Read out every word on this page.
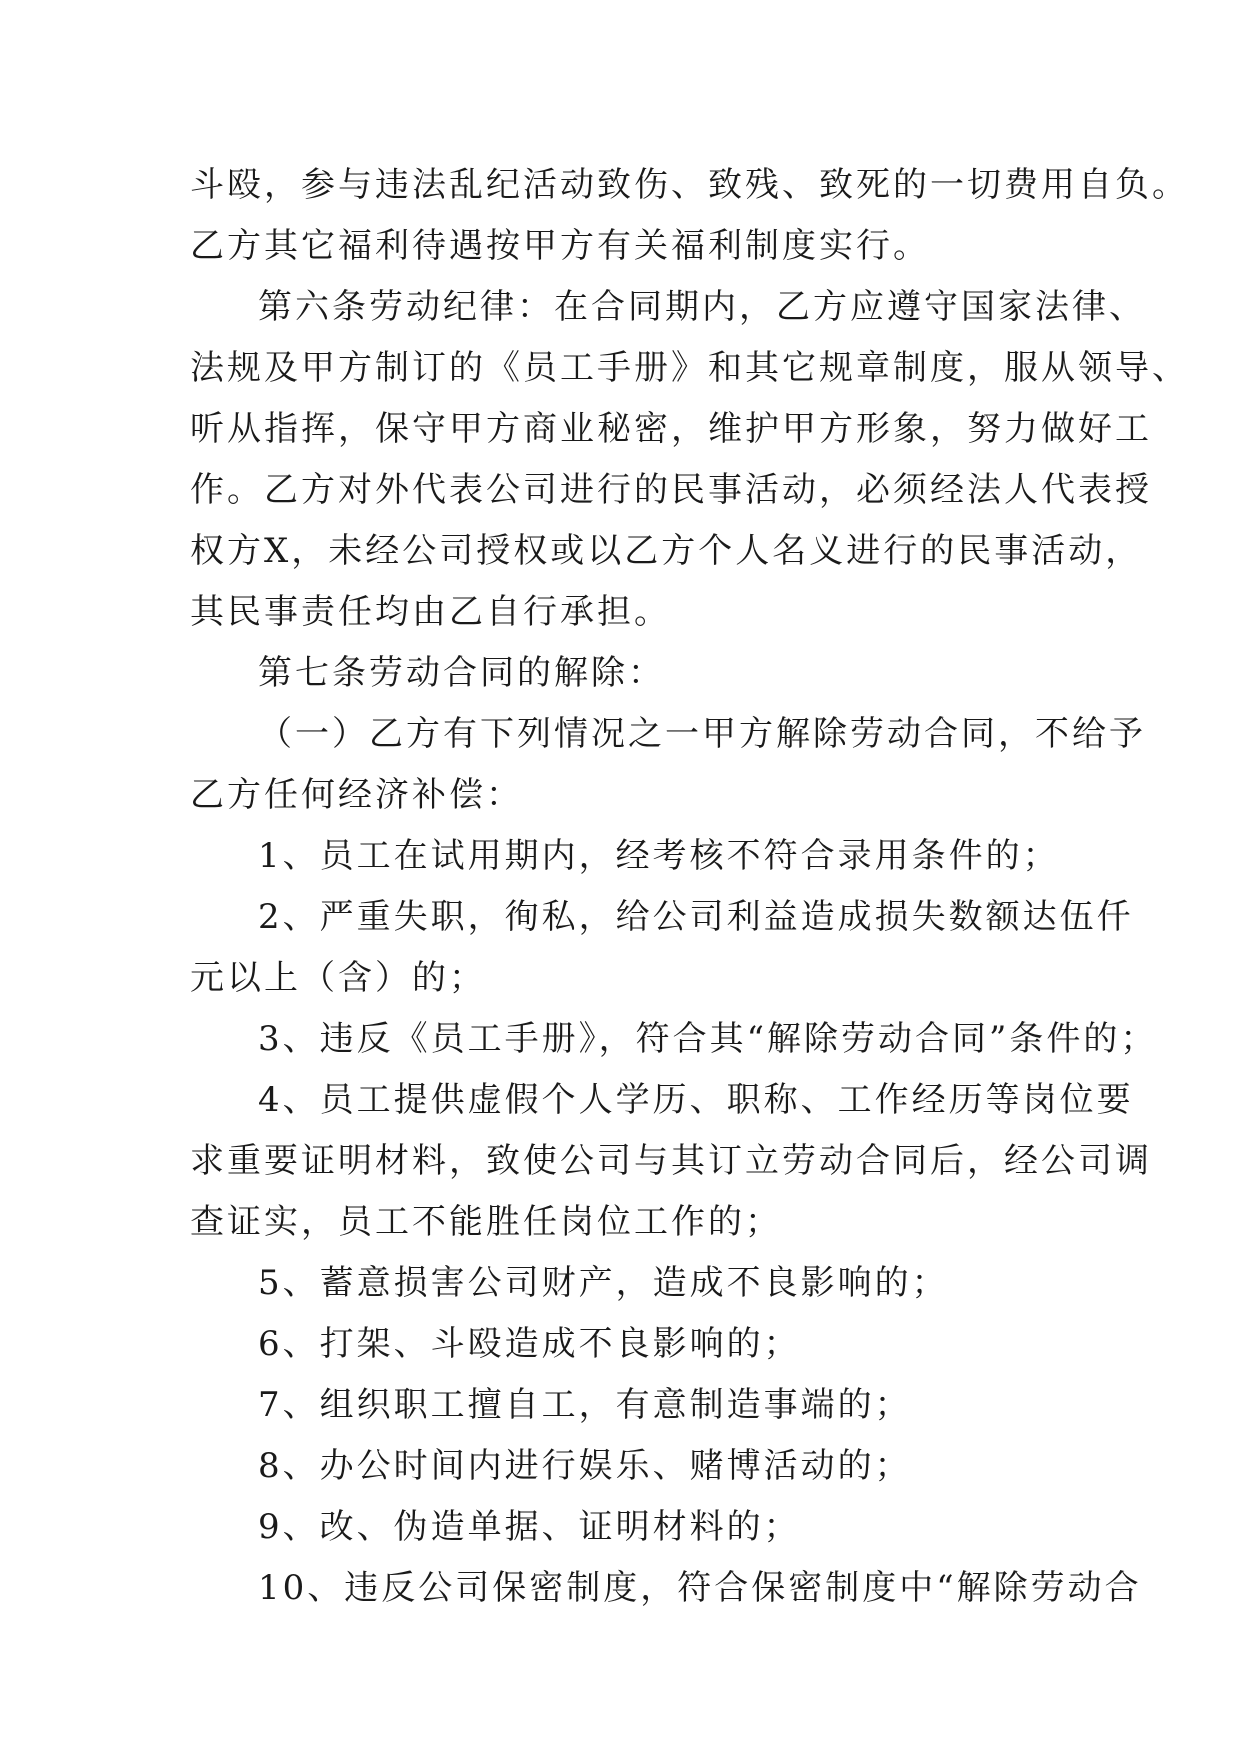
斗殴，参与违法乱纪活动致伤、致残、致死的一切费用自负。
乙方其它福利待遇按甲方有关福利制度实行。
第六条劳动纪律：在合同期内，乙方应遵守国家法律、
法规及甲方制订的《员工手册》和其它规章制度，服从领导、
听从指挥，保守甲方商业秘密，维护甲方形象，努力做好工
作。乙方对外代表公司进行的民事活动，必须经法人代表授
权方X，未经公司授权或以乙方个人名义进行的民事活动，
其民事责任均由乙自行承担。
第七条劳动合同的解除：
（一）乙方有下列情况之一甲方解除劳动合同，不给予
乙方任何经济补偿：
1、员工在试用期内，经考核不符合录用条件的；
2、严重失职，徇私，给公司利益造成损失数额达伍仟
元以上（含）的；
3、违反《员工手册》，符合其“解除劳动合同”条件的；
4、员工提供虚假个人学历、职称、工作经历等岗位要
求重要证明材料，致使公司与其订立劳动合同后，经公司调
查证实，员工不能胜任岗位工作的；
5、蓄意损害公司财产，造成不良影响的；
6、打架、斗殴造成不良影响的；
7、组织职工擅自工，有意制造事端的；
8、办公时间内进行娱乐、赌博活动的；
9、改、伪造单据、证明材料的；
10、违反公司保密制度，符合保密制度中“解除劳动合
